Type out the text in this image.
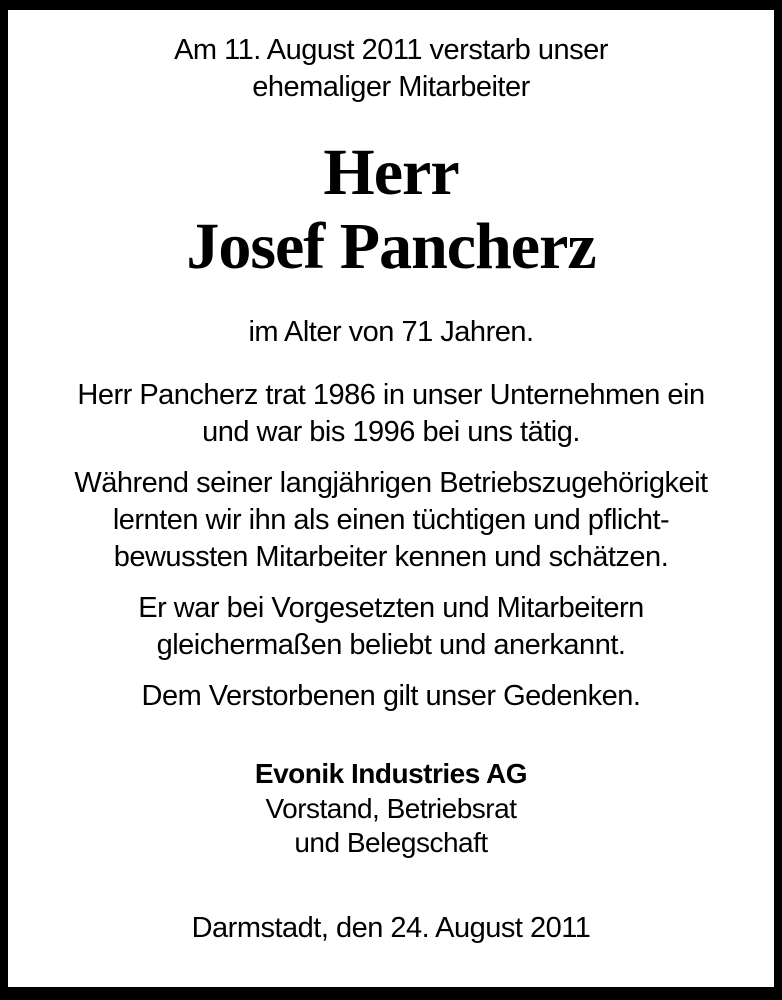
Am 11. August 2011 verstarb unser
ehemaliger Mitarbeiter
Herr
Josef Pancherz
im Alter von 71 Jahren.
Herr Pancherz trat 1986 in unser Unternehmen ein
und war bis 1996 bei uns tätig.
Während seiner langjährigen Betriebszugehörigkeit
lernten wir ihn als einen tüchtigen und pflicht-
bewussten Mitarbeiter kennen und schätzen.
Er war bei Vorgesetzten und Mitarbeitern
gleichermaßen beliebt und anerkannt.
Dem Verstorbenen gilt unser Gedenken.
Evonik Industries AG
Vorstand, Betriebsrat
und Belegschaft
Darmstadt, den 24. August 2011
